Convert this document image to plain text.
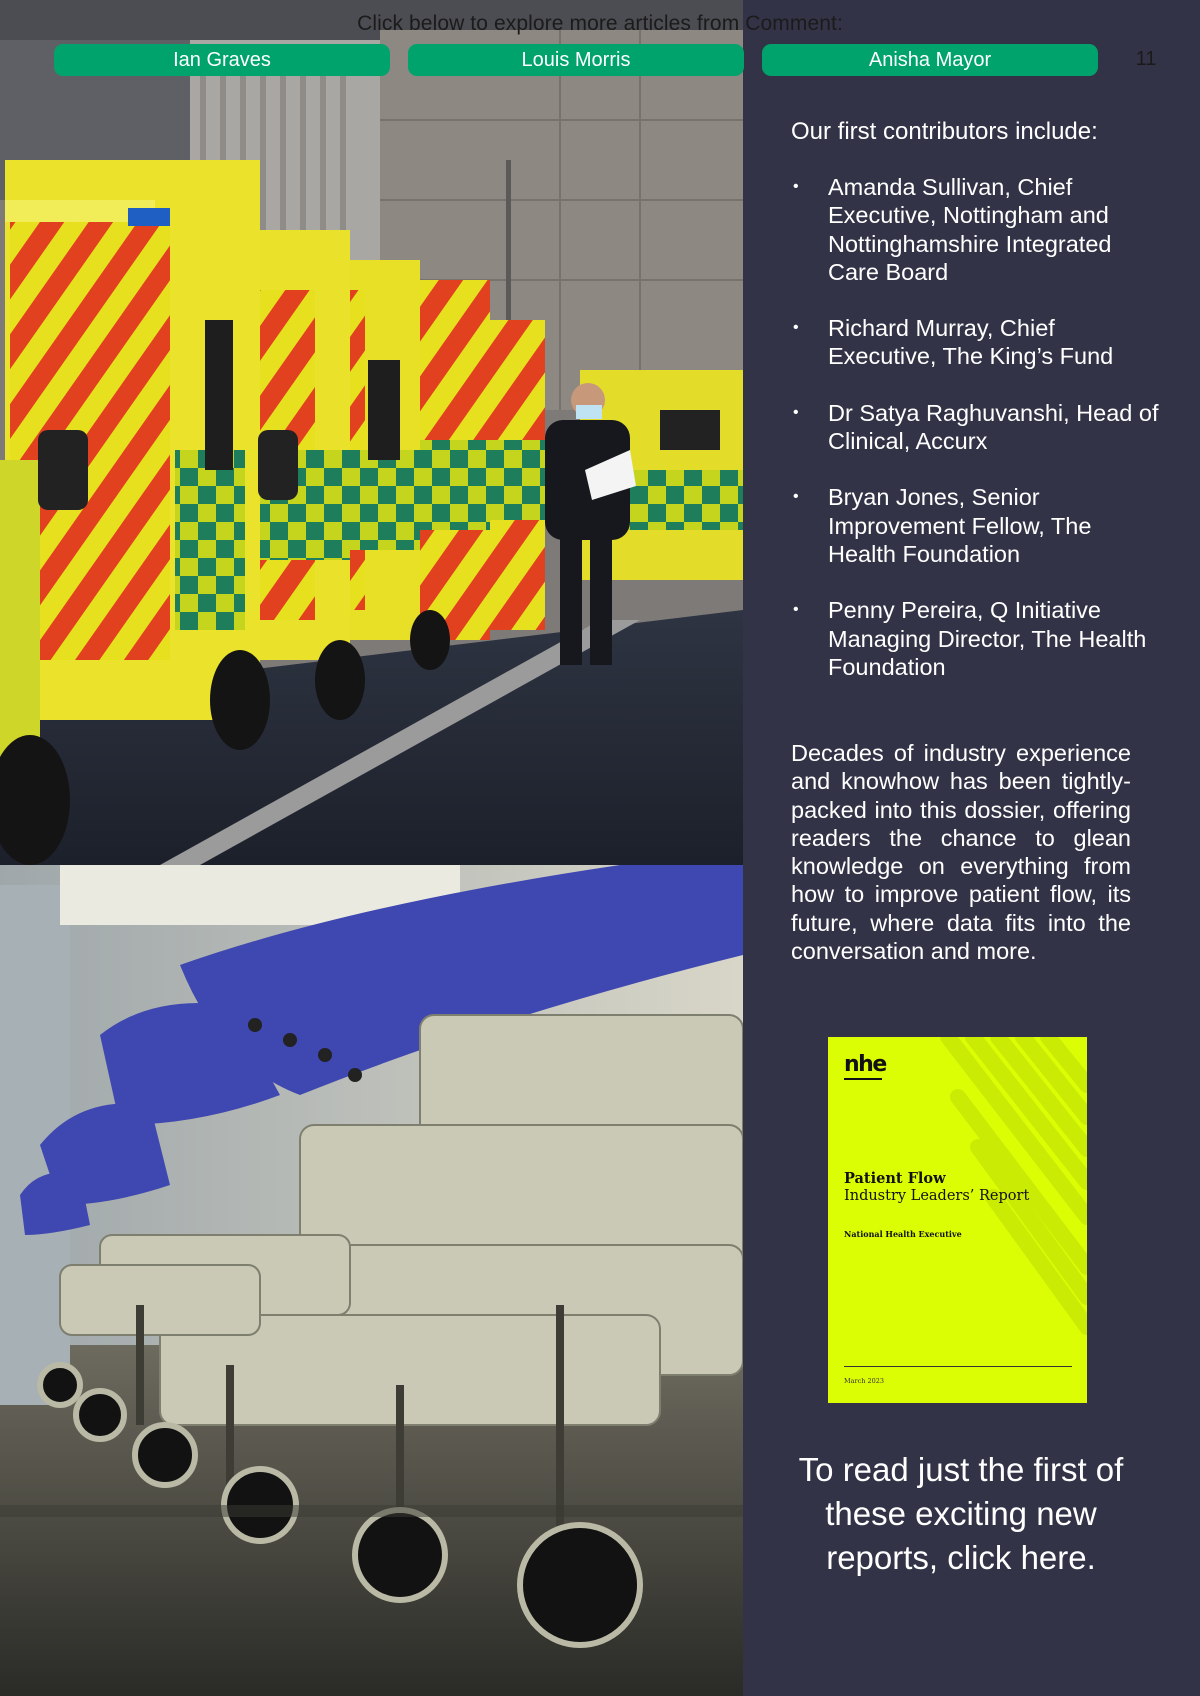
Click below to explore more articles from Comment:
Ian Graves	Louis Morris	Anisha Mayor	11
Our first contributors include:
• Amanda Sullivan, Chief Executive, Nottingham and Nottinghamshire Integrated Care Board
• Richard Murray, Chief Executive, The King’s Fund
• Dr Satya Raghuvanshi, Head of Clinical, Accurx
• Bryan Jones, Senior Improvement Fellow, The Health Foundation
• Penny Pereira, Q Initiative Managing Director, The Health Foundation
Decades of industry experience and knowhow has been tightly-packed into this dossier, offering readers the chance to glean knowledge on everything from how to improve patient flow, its future, where data fits into the conversation and more.
nhe
Patient Flow
Industry Leaders’ Report
National Health Executive
March 2023
To read just the first of these exciting new reports, click here.
